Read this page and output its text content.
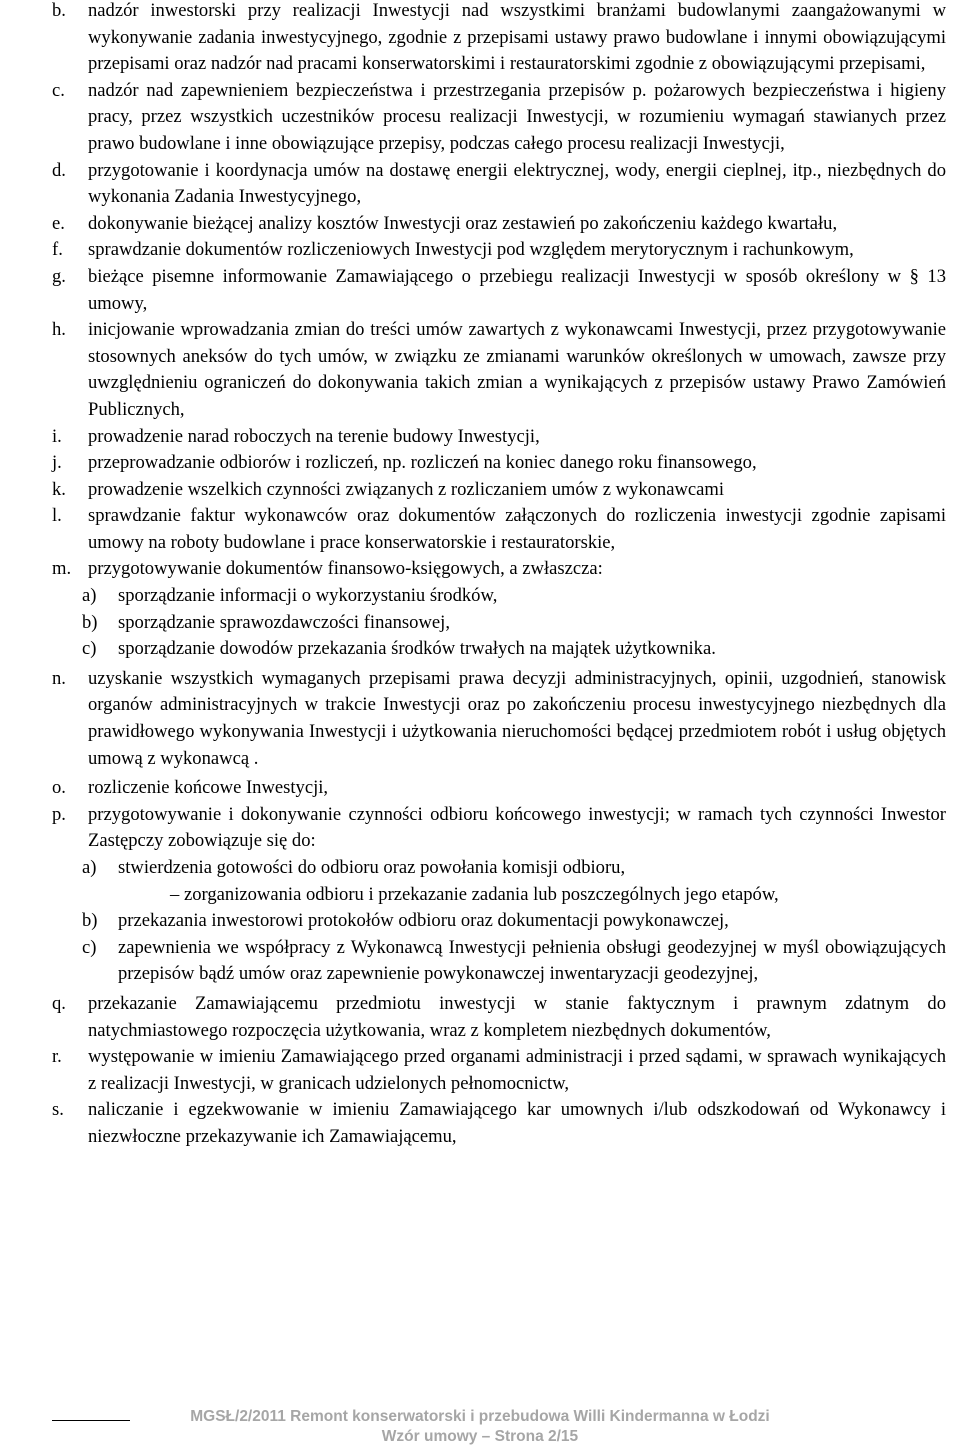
b. nadzór inwestorski przy realizacji Inwestycji nad wszystkimi branżami budowlanymi zaangażowanymi w wykonywanie zadania inwestycyjnego, zgodnie z przepisami ustawy prawo budowlane i innymi obowiązującymi przepisami oraz nadzór nad pracami konserwatorskimi i restauratorskimi zgodnie z obowiązującymi przepisami,
c. nadzór nad zapewnieniem bezpieczeństwa i przestrzegania przepisów p. pożarowych bezpieczeństwa i higieny pracy, przez wszystkich uczestników procesu realizacji Inwestycji, w rozumieniu wymagań stawianych przez prawo budowlane i inne obowiązujące przepisy, podczas całego procesu realizacji Inwestycji,
d. przygotowanie i koordynacja umów na dostawę energii elektrycznej, wody, energii cieplnej, itp., niezbędnych do wykonania Zadania Inwestycyjnego,
e. dokonywanie bieżącej analizy kosztów Inwestycji oraz zestawień po zakończeniu każdego kwartału,
f. sprawdzanie dokumentów rozliczeniowych Inwestycji pod względem merytorycznym i rachunkowym,
g. bieżące pisemne informowanie Zamawiającego o przebiegu realizacji Inwestycji w sposób określony w § 13 umowy,
h. inicjowanie wprowadzania zmian do treści umów zawartych z wykonawcami Inwestycji, przez przygotowywanie stosownych aneksów do tych umów, w związku ze zmianami warunków określonych w umowach, zawsze przy uwzględnieniu ograniczeń do dokonywania takich zmian a wynikających z przepisów ustawy Prawo Zamówień Publicznych,
i. prowadzenie narad roboczych na terenie budowy Inwestycji,
j. przeprowadzanie odbiorów i rozliczeń, np. rozliczeń na koniec danego roku finansowego,
k. prowadzenie wszelkich czynności związanych z rozliczaniem umów z wykonawcami
l. sprawdzanie faktur wykonawców oraz dokumentów załączonych do rozliczenia inwestycji zgodnie zapisami umowy na roboty budowlane i prace konserwatorskie i restauratorskie,
m. przygotowywanie dokumentów finansowo-księgowych, a zwłaszcza:
a) sporządzanie informacji o wykorzystaniu środków,
b) sporządzanie sprawozdawczości finansowej,
c) sporządzanie dowodów przekazania środków trwałych na majątek użytkownika.
n. uzyskanie wszystkich wymaganych przepisami prawa decyzji administracyjnych, opinii, uzgodnień, stanowisk organów administracyjnych w trakcie Inwestycji oraz po zakończeniu procesu inwestycyjnego niezbędnych dla prawidłowego wykonywania Inwestycji i użytkowania nieruchomości będącej przedmiotem robót i usług objętych umową z wykonawcą .
o. rozliczenie końcowe Inwestycji,
p. przygotowywanie i dokonywanie czynności odbioru końcowego inwestycji; w ramach tych czynności Inwestor Zastępczy zobowiązuje się do:
a) stwierdzenia gotowości do odbioru oraz powołania komisji odbioru,
– zorganizowania odbioru i przekazanie zadania lub poszczególnych jego etapów,
b) przekazania inwestorowi protokołów odbioru oraz dokumentacji powykonawczej,
c) zapewnienia we współpracy z Wykonawcą Inwestycji pełnienia obsługi geodezyjnej w myśl obowiązujących przepisów bądź umów oraz zapewnienie powykonawczej inwentaryzacji geodezyjnej,
q. przekazanie Zamawiającemu przedmiotu inwestycji w stanie faktycznym i prawnym zdatnym do natychmiastowego rozpoczęcia użytkowania, wraz z kompletem niezbędnych dokumentów,
r. występowanie w imieniu Zamawiającego przed organami administracji i przed sądami, w sprawach wynikających z realizacji Inwestycji, w granicach udzielonych pełnomocnictw,
s. naliczanie i egzekwowanie w imieniu Zamawiającego kar umownych i/lub odszkodowań od Wykonawcy i niezwłoczne przekazywanie ich Zamawiającemu,
MGSŁ/2/2011 Remont konserwatorski i przebudowa Willi Kindermanna w Łodzi
Wzór umowy – Strona 2/15
